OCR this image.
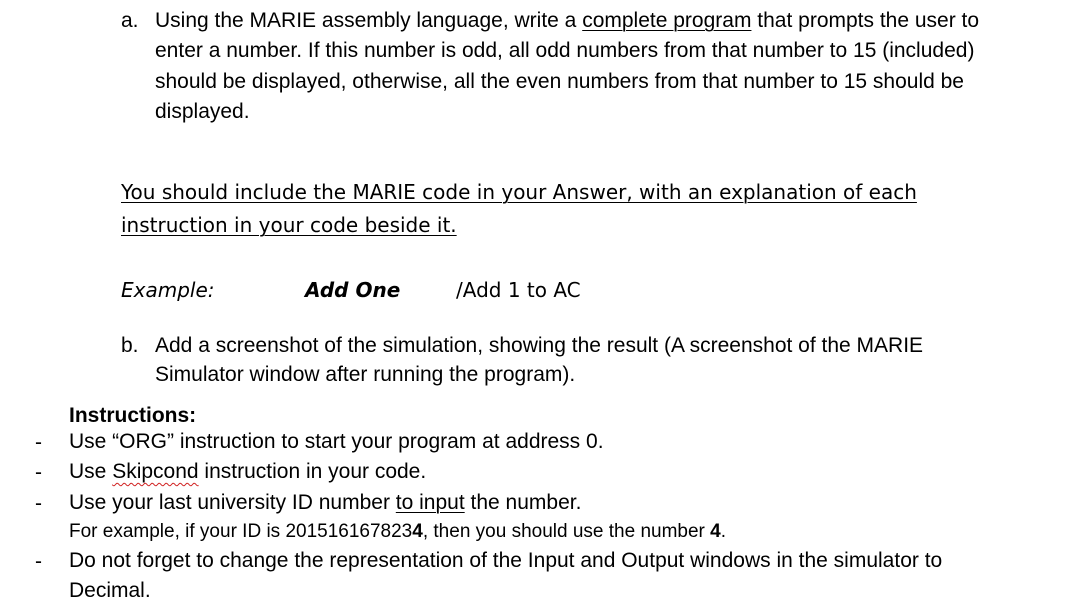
a. Using the MARIE assembly language, write a complete program that prompts the user to
enter a number. If this number is odd, all odd numbers from that number to 15 (included)
should be displayed, otherwise, all the even numbers from that number to 15 should be
displayed.
You should include the MARIE code in your Answer, with an explanation of each
instruction in your code beside it.
Example:	Add One	/Add 1 to AC
b. Add a screenshot of the simulation, showing the result (A screenshot of the MARIE
Simulator window after running the program).
Instructions:
- Use “ORG” instruction to start your program at address 0.
- Use Skipcond instruction in your code.
- Use your last university ID number to input the number.
For example, if your ID is 2015161678234, then you should use the number 4.
- Do not forget to change the representation of the Input and Output windows in the simulator to
Decimal.
